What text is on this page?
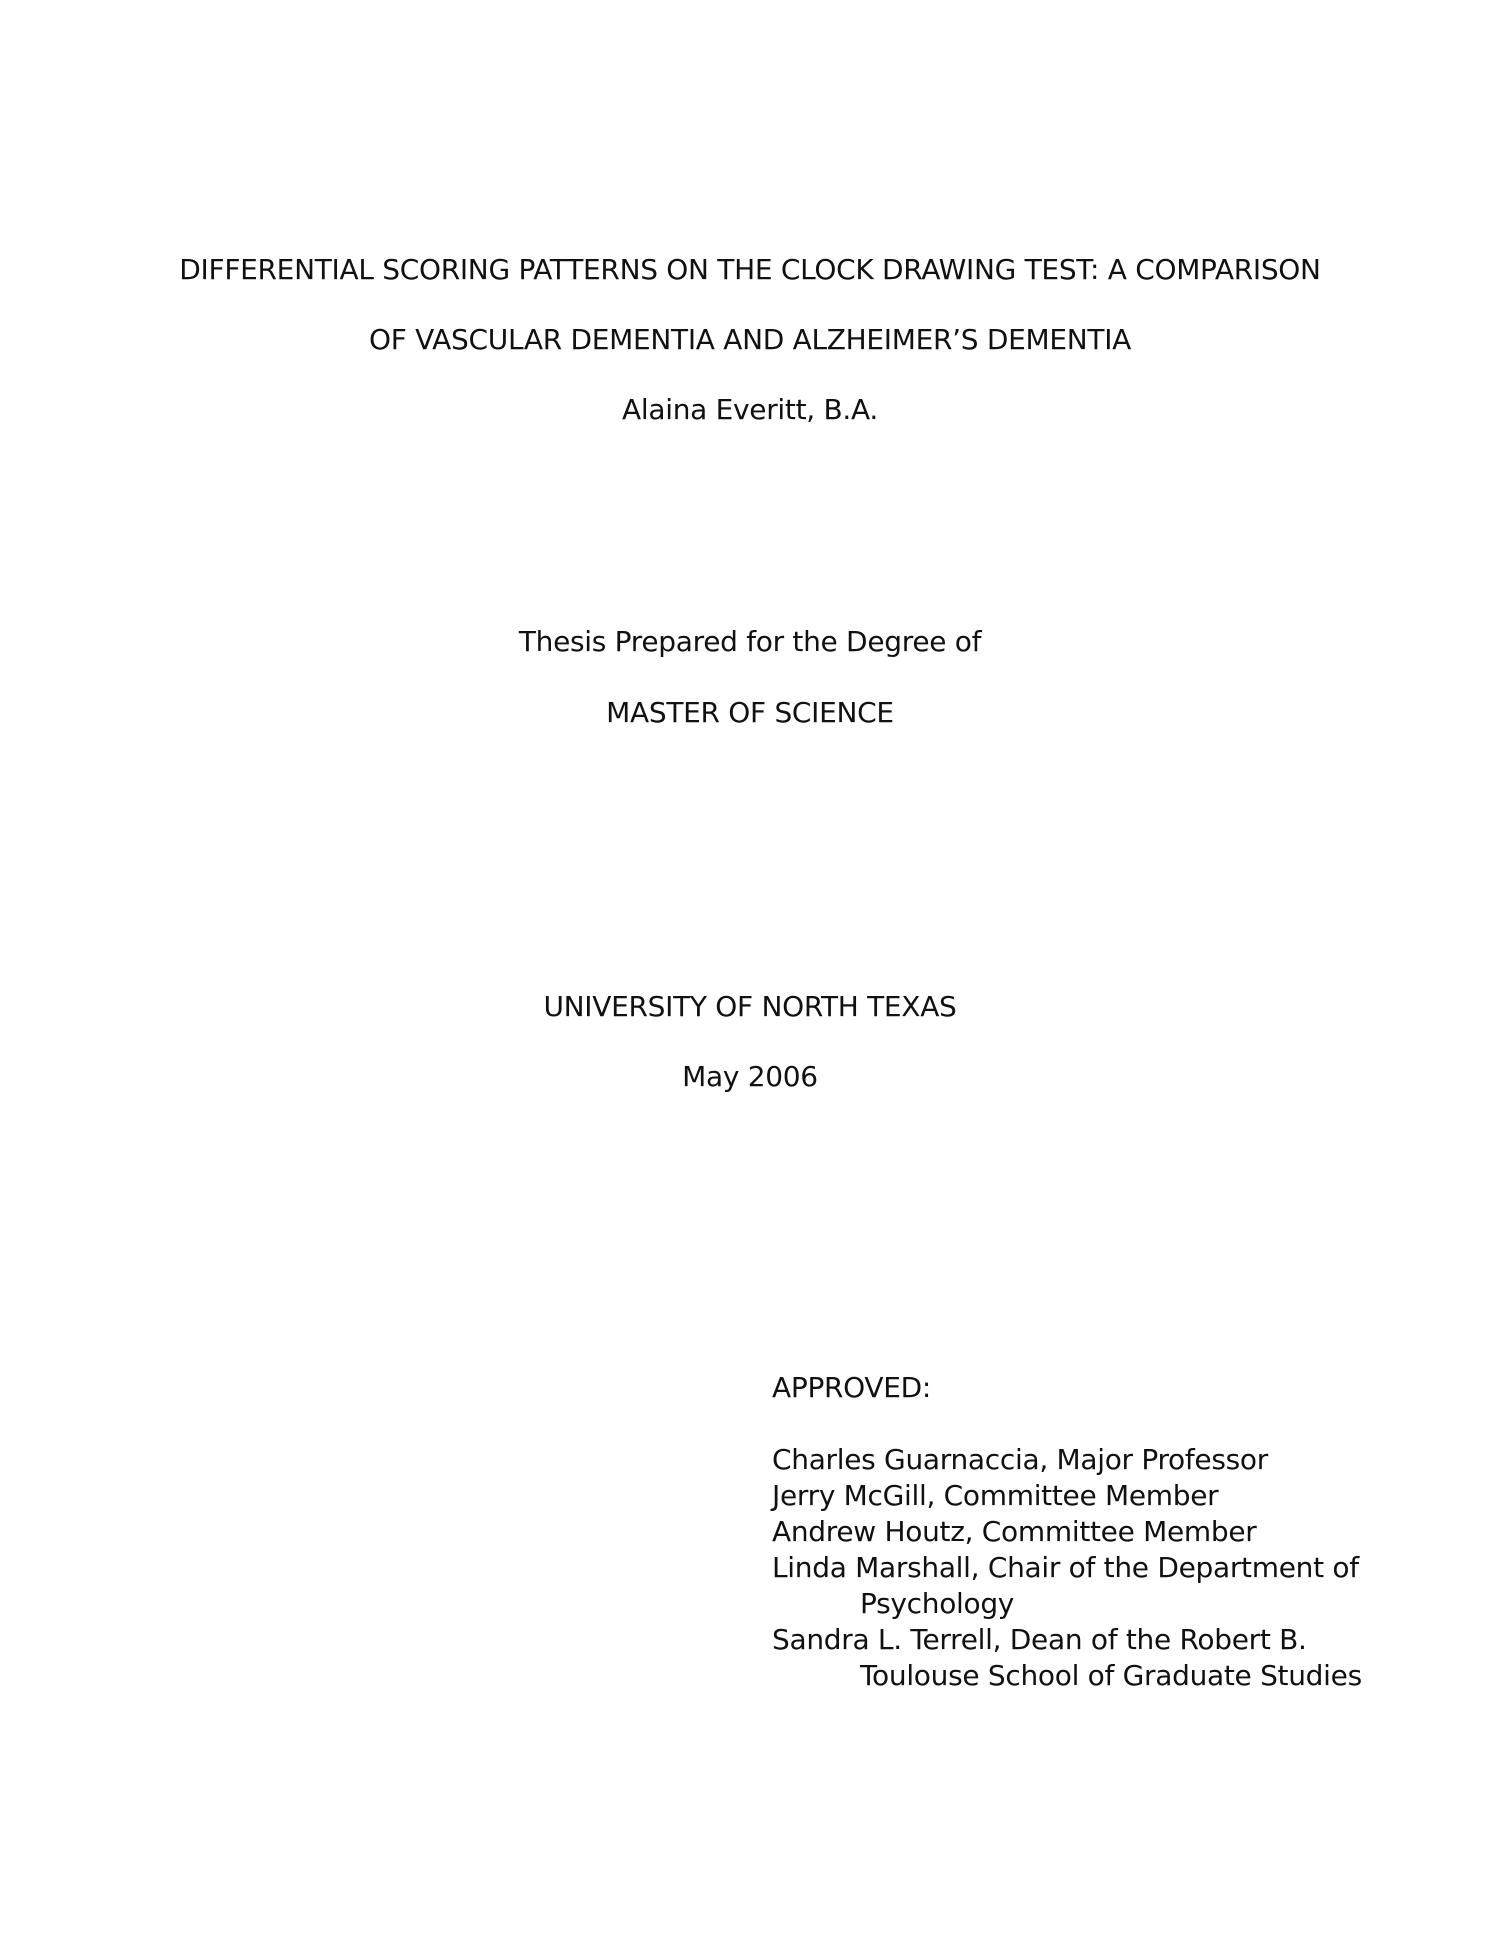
DIFFERENTIAL SCORING PATTERNS ON THE CLOCK DRAWING TEST: A COMPARISON
OF VASCULAR DEMENTIA AND ALZHEIMER’S DEMENTIA
Alaina Everitt, B.A.
Thesis Prepared for the Degree of
MASTER OF SCIENCE
UNIVERSITY OF NORTH TEXAS
May 2006
APPROVED:
Charles Guarnaccia, Major Professor
Jerry McGill, Committee Member
Andrew Houtz, Committee Member
Linda Marshall, Chair of the Department of
Psychology
Sandra L. Terrell, Dean of the Robert B.
Toulouse School of Graduate Studies
